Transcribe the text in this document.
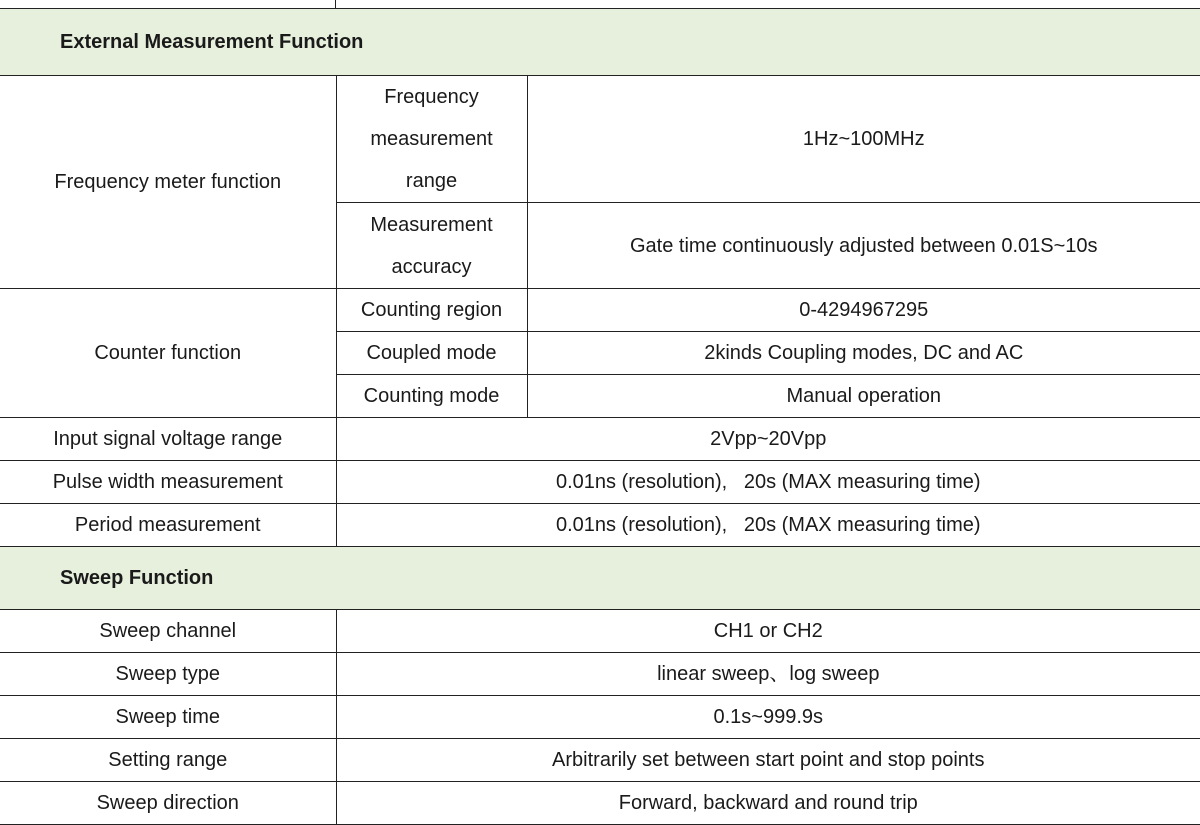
External Measurement Function		
Frequency meter function	Frequency measurement range	1Hz~100MHz
	Measurement accuracy	Gate time continuously adjusted between 0.01S~10s
Counter function	Counting region	0-4294967295
	Coupled mode	2kinds Coupling modes, DC and AC
	Counting mode	Manual operation
Input signal voltage range	2Vpp~20Vpp	
Pulse width measurement	0.01ns (resolution),   20s (MAX measuring time)	
Period measurement	0.01ns (resolution),   20s (MAX measuring time)	
Sweep Function		
Sweep channel	CH1 or CH2	
Sweep type	linear sweep、log sweep	
Sweep time	0.1s~999.9s	
Setting range	Arbitrarily set between start point and stop points	
Sweep direction	Forward, backward and round trip	
